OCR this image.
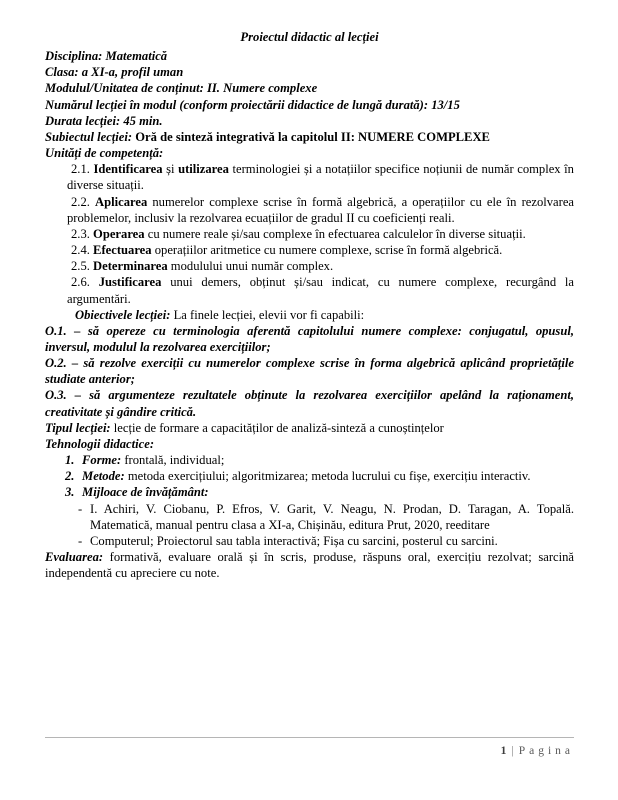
Proiectul didactic al lecției

Disciplina: Matematică

Clasa: a XI-a, profil uman

Modulul/Unitatea de conținut: II. Numere complexe

Numărul lecției în modul (conform proiectării didactice de lungă durată): 13/15

Durata lecției: 45 min.

Subiectul lecției: Oră de sinteză integrativă la capitolul II: NUMERE COMPLEXE

Unități de competență:

2.1. Identificarea și utilizarea terminologiei și a notațiilor specifice noțiunii de număr complex în diverse situații.

2.2. Aplicarea numerelor complexe scrise în formă algebrică, a operațiilor cu ele în rezolvarea problemelor, inclusiv la rezolvarea ecuațiilor de gradul II cu coeficienți reali.

2.3. Operarea cu numere reale și/sau complexe în efectuarea calculelor în diverse situații.

2.4. Efectuarea operațiilor aritmetice cu numere complexe, scrise în formă algebrică.

2.5. Determinarea modulului unui număr complex.

2.6. Justificarea unui demers, obținut și/sau indicat, cu numere complexe, recurgând la argumentări.

Obiectivele lecției: La finele lecției, elevii vor fi capabili:

O.1. – să opereze cu terminologia aferentă capitolului numere complexe: conjugatul, opusul, inversul, modulul la rezolvarea exercițiilor;

O.2. – să rezolve exerciții cu numerelor complexe scrise în forma algebrică aplicând proprietățile studiate anterior;

O.3. – să argumenteze rezultatele obținute la rezolvarea exercițiilor apelând la raționament, creativitate și gândire critică.

Tipul lecției: lecție de formare a capacităților de analiză-sinteză a cunoștințelor

Tehnologii didactice:

1. Forme: frontală, individual;
2. Metode: metoda exercițiului; algoritmizarea; metoda lucrului cu fișe, exercițiu interactiv.
3. Mijloace de învățământ:
- I. Achiri, V. Ciobanu, P. Efros, V. Garit, V. Neagu, N. Prodan, D. Taragan, A. Topală. Matematică, manual pentru clasa a XI-a, Chișinău, editura Prut, 2020, reeditare
- Computerul; Proiectorul sau tabla interactivă; Fișa cu sarcini, posterul cu sarcini.

Evaluarea: formativă, evaluare orală și în scris, produse, răspuns oral, exercițiu rezolvat; sarcină independentă cu apreciere cu note.

1 | Pagina
